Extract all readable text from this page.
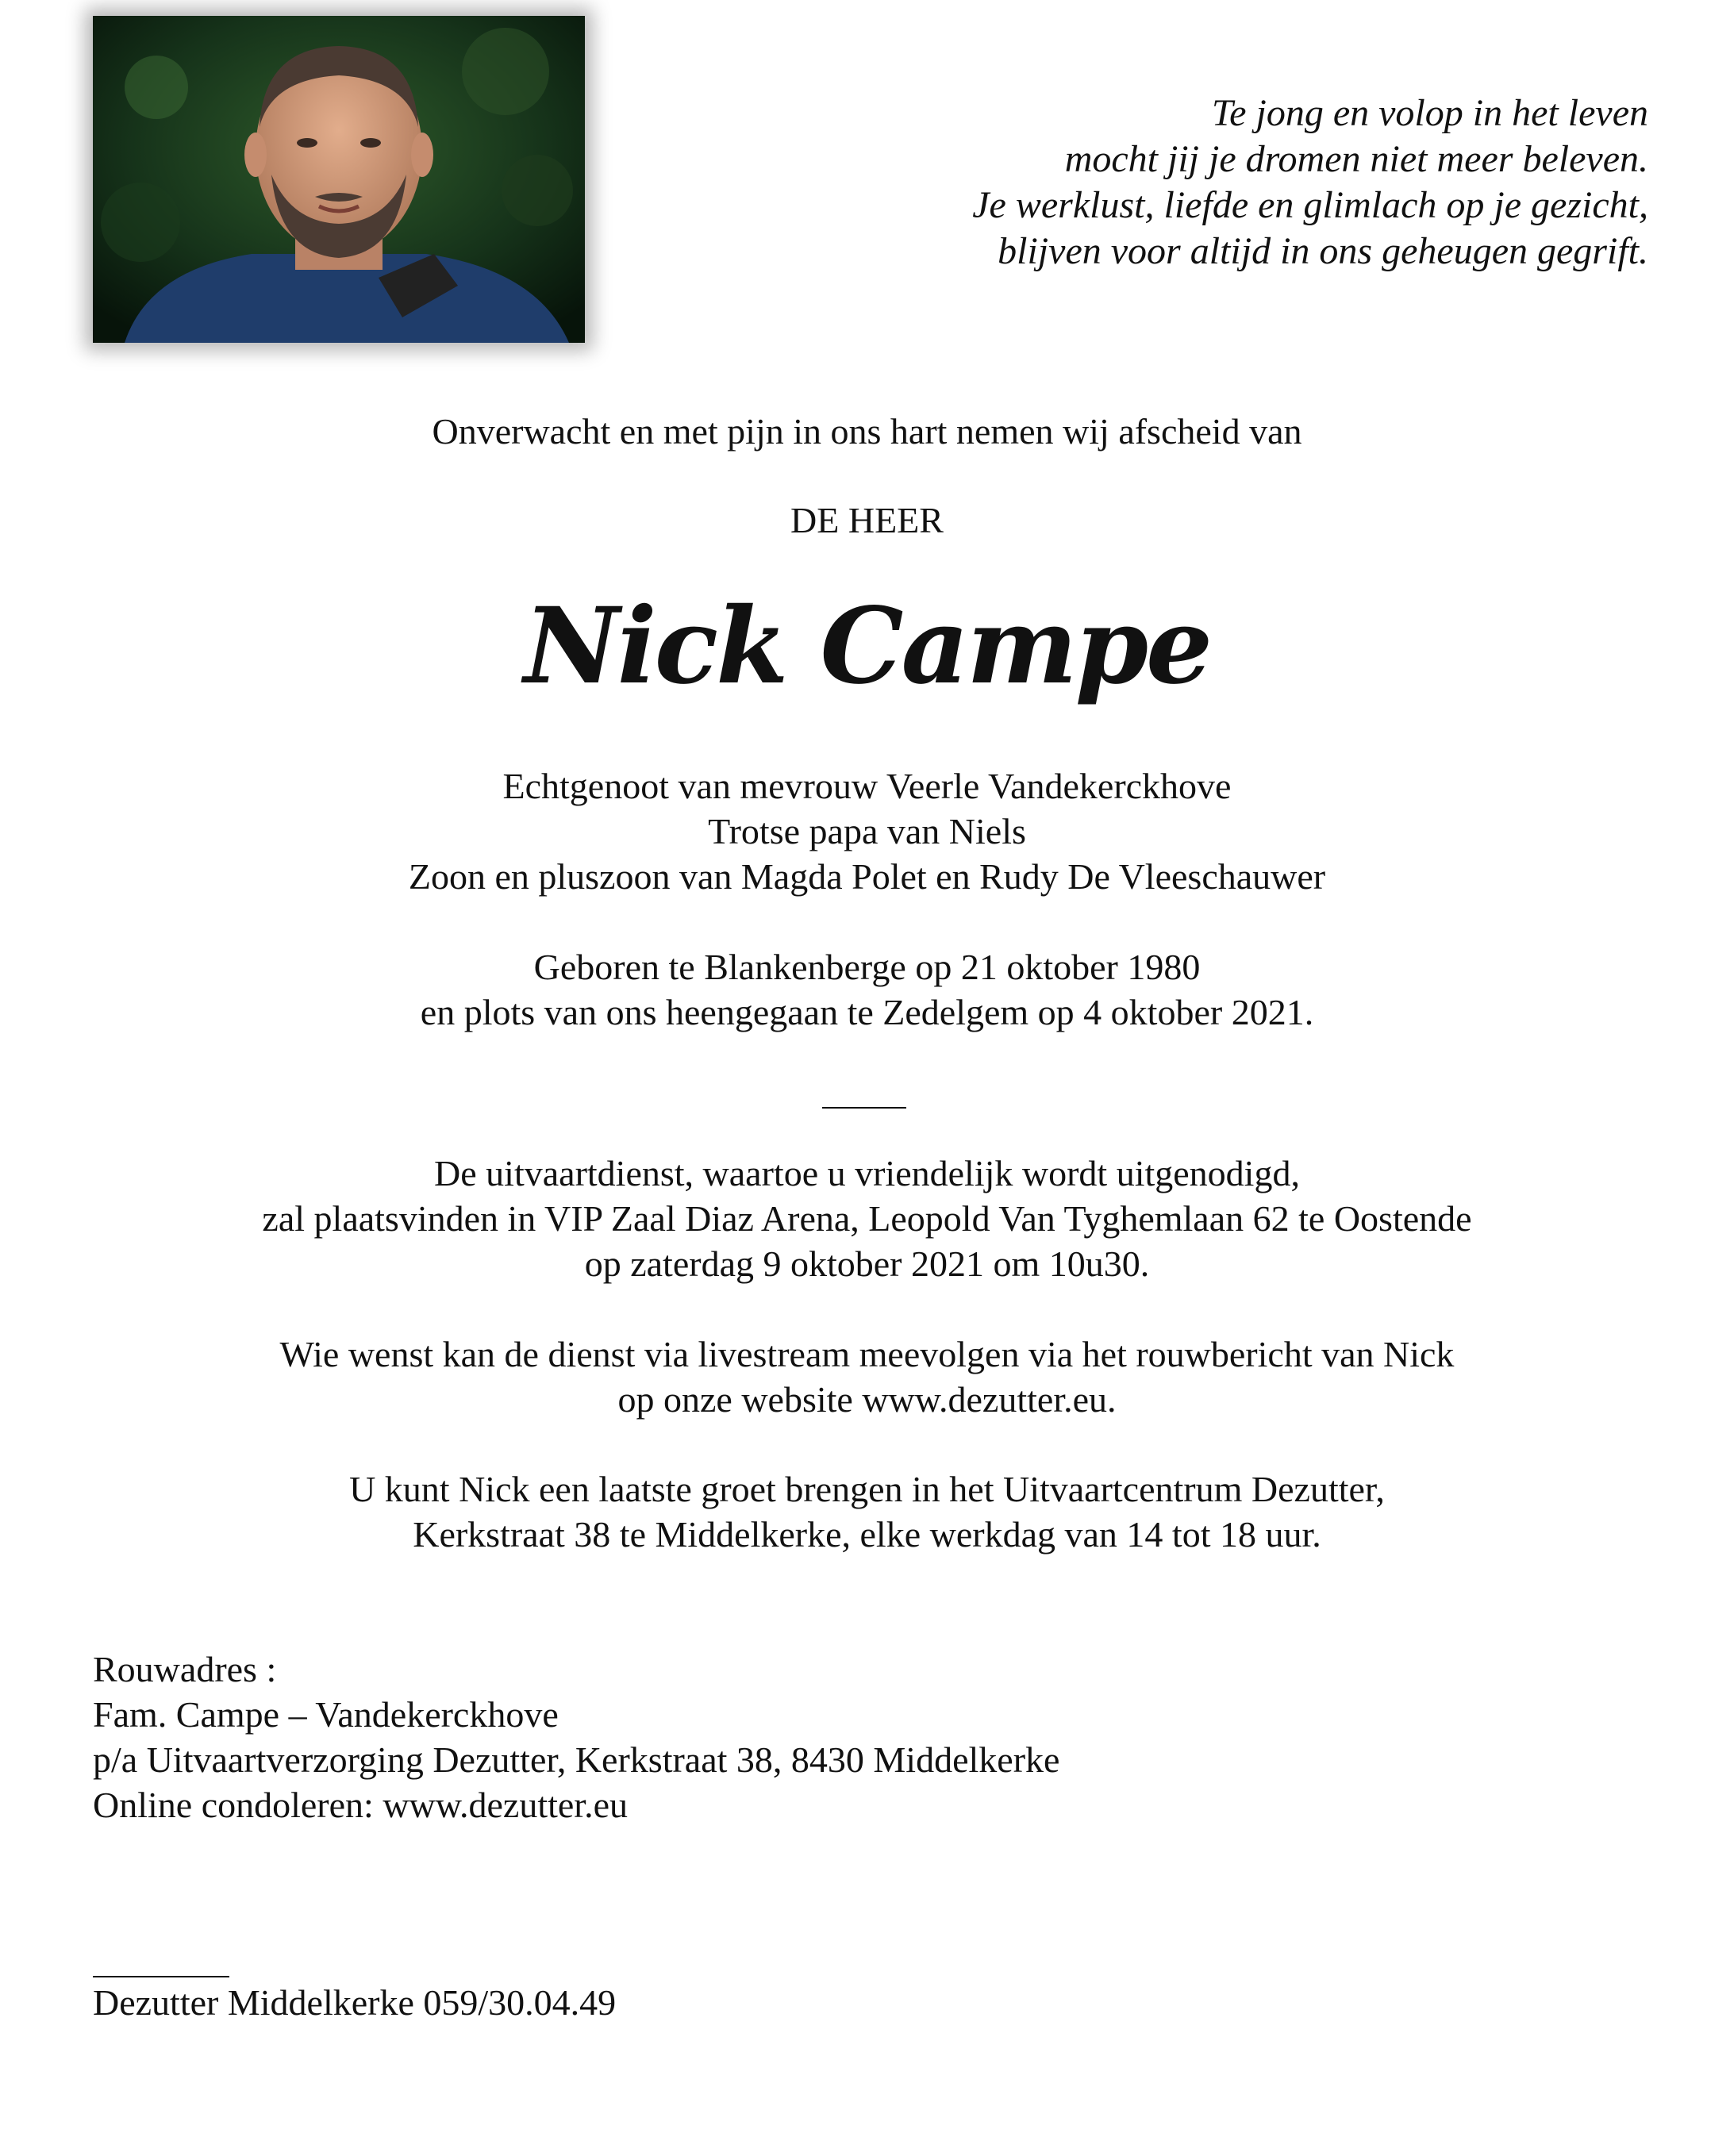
Te jong en volop in het leven
mocht jij je dromen niet meer beleven.
Je werklust, liefde en glimlach op je gezicht,
blijven voor altijd in ons geheugen gegrift.
Onverwacht en met pijn in ons hart nemen wij afscheid van
DE HEER
Nick Campe
Echtgenoot van mevrouw Veerle Vandekerckhove
Trotse papa van Niels
Zoon en pluszoon van Magda Polet en Rudy De Vleeschauwer
Geboren te Blankenberge op 21 oktober 1980
en plots van ons heengegaan te Zedelgem op 4 oktober 2021.
De uitvaartdienst, waartoe u vriendelijk wordt uitgenodigd,
zal plaatsvinden in VIP Zaal Diaz Arena, Leopold Van Tyghemlaan 62 te Oostende
op zaterdag 9 oktober 2021 om 10u30.
Wie wenst kan de dienst via livestream meevolgen via het rouwbericht van Nick
op onze website www.dezutter.eu.
U kunt Nick een laatste groet brengen in het Uitvaartcentrum Dezutter,
Kerkstraat 38 te Middelkerke, elke werkdag van 14 tot 18 uur.
Rouwadres :
Fam. Campe – Vandekerckhove
p/a Uitvaartverzorging Dezutter, Kerkstraat 38, 8430 Middelkerke
Online condoleren: www.dezutter.eu
Dezutter Middelkerke 059/30.04.49
